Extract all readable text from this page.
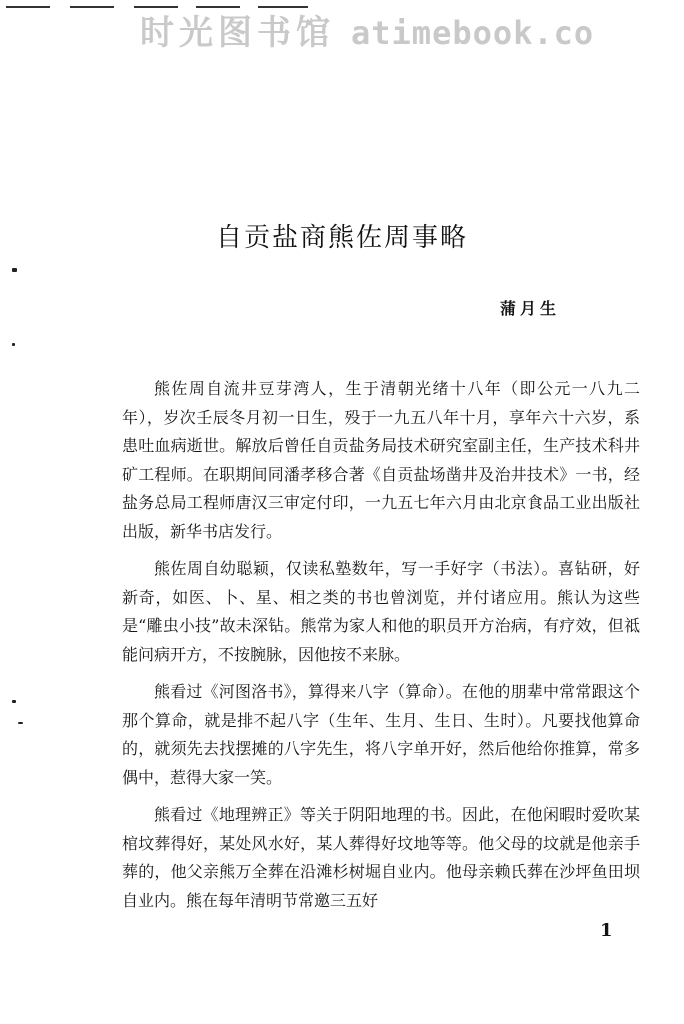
时光图书馆 atimebook.co
自贡盐商熊佐周事略
蒲月生

熊佐周自流井豆芽湾人，生于清朝光绪十八年（即公元一八九二年），岁次壬辰冬月初一日生，殁于一九五八年十月，享年六十六岁，系患吐血病逝世。解放后曾任自贡盐务局技术研究室副主任，生产技术科井矿工程师。在职期间同潘孝移合著《自贡盐场凿井及治井技术》一书，经盐务总局工程师唐汉三审定付印，一九五七年六月由北京食品工业出版社出版，新华书店发行。

熊佐周自幼聪颖，仅读私塾数年，写一手好字（书法）。喜钻研，好新奇，如医、卜、星、相之类的书也曾浏览，并付诸应用。熊认为这些是“雕虫小技”故未深钻。熊常为家人和他的职员开方治病，有疗效，但祗能问病开方，不按腕脉，因他按不来脉。

熊看过《河图洛书》，算得来八字（算命）。在他的朋辈中常常跟这个那个算命，就是排不起八字（生年、生月、生日、生时）。凡要找他算命的，就须先去找摆摊的八字先生，将八字单开好，然后他给你推算，常多偶中，惹得大家一笑。

熊看过《地理辨正》等关于阴阳地理的书。因此，在他闲暇时爱吹某棺坟葬得好，某处风水好，某人葬得好坟地等等。他父母的坟就是他亲手葬的，他父亲熊万全葬在沿滩杉树堀自业内。他母亲赖氏葬在沙坪鱼田坝自业内。熊在每年清明节常邀三五好

1
